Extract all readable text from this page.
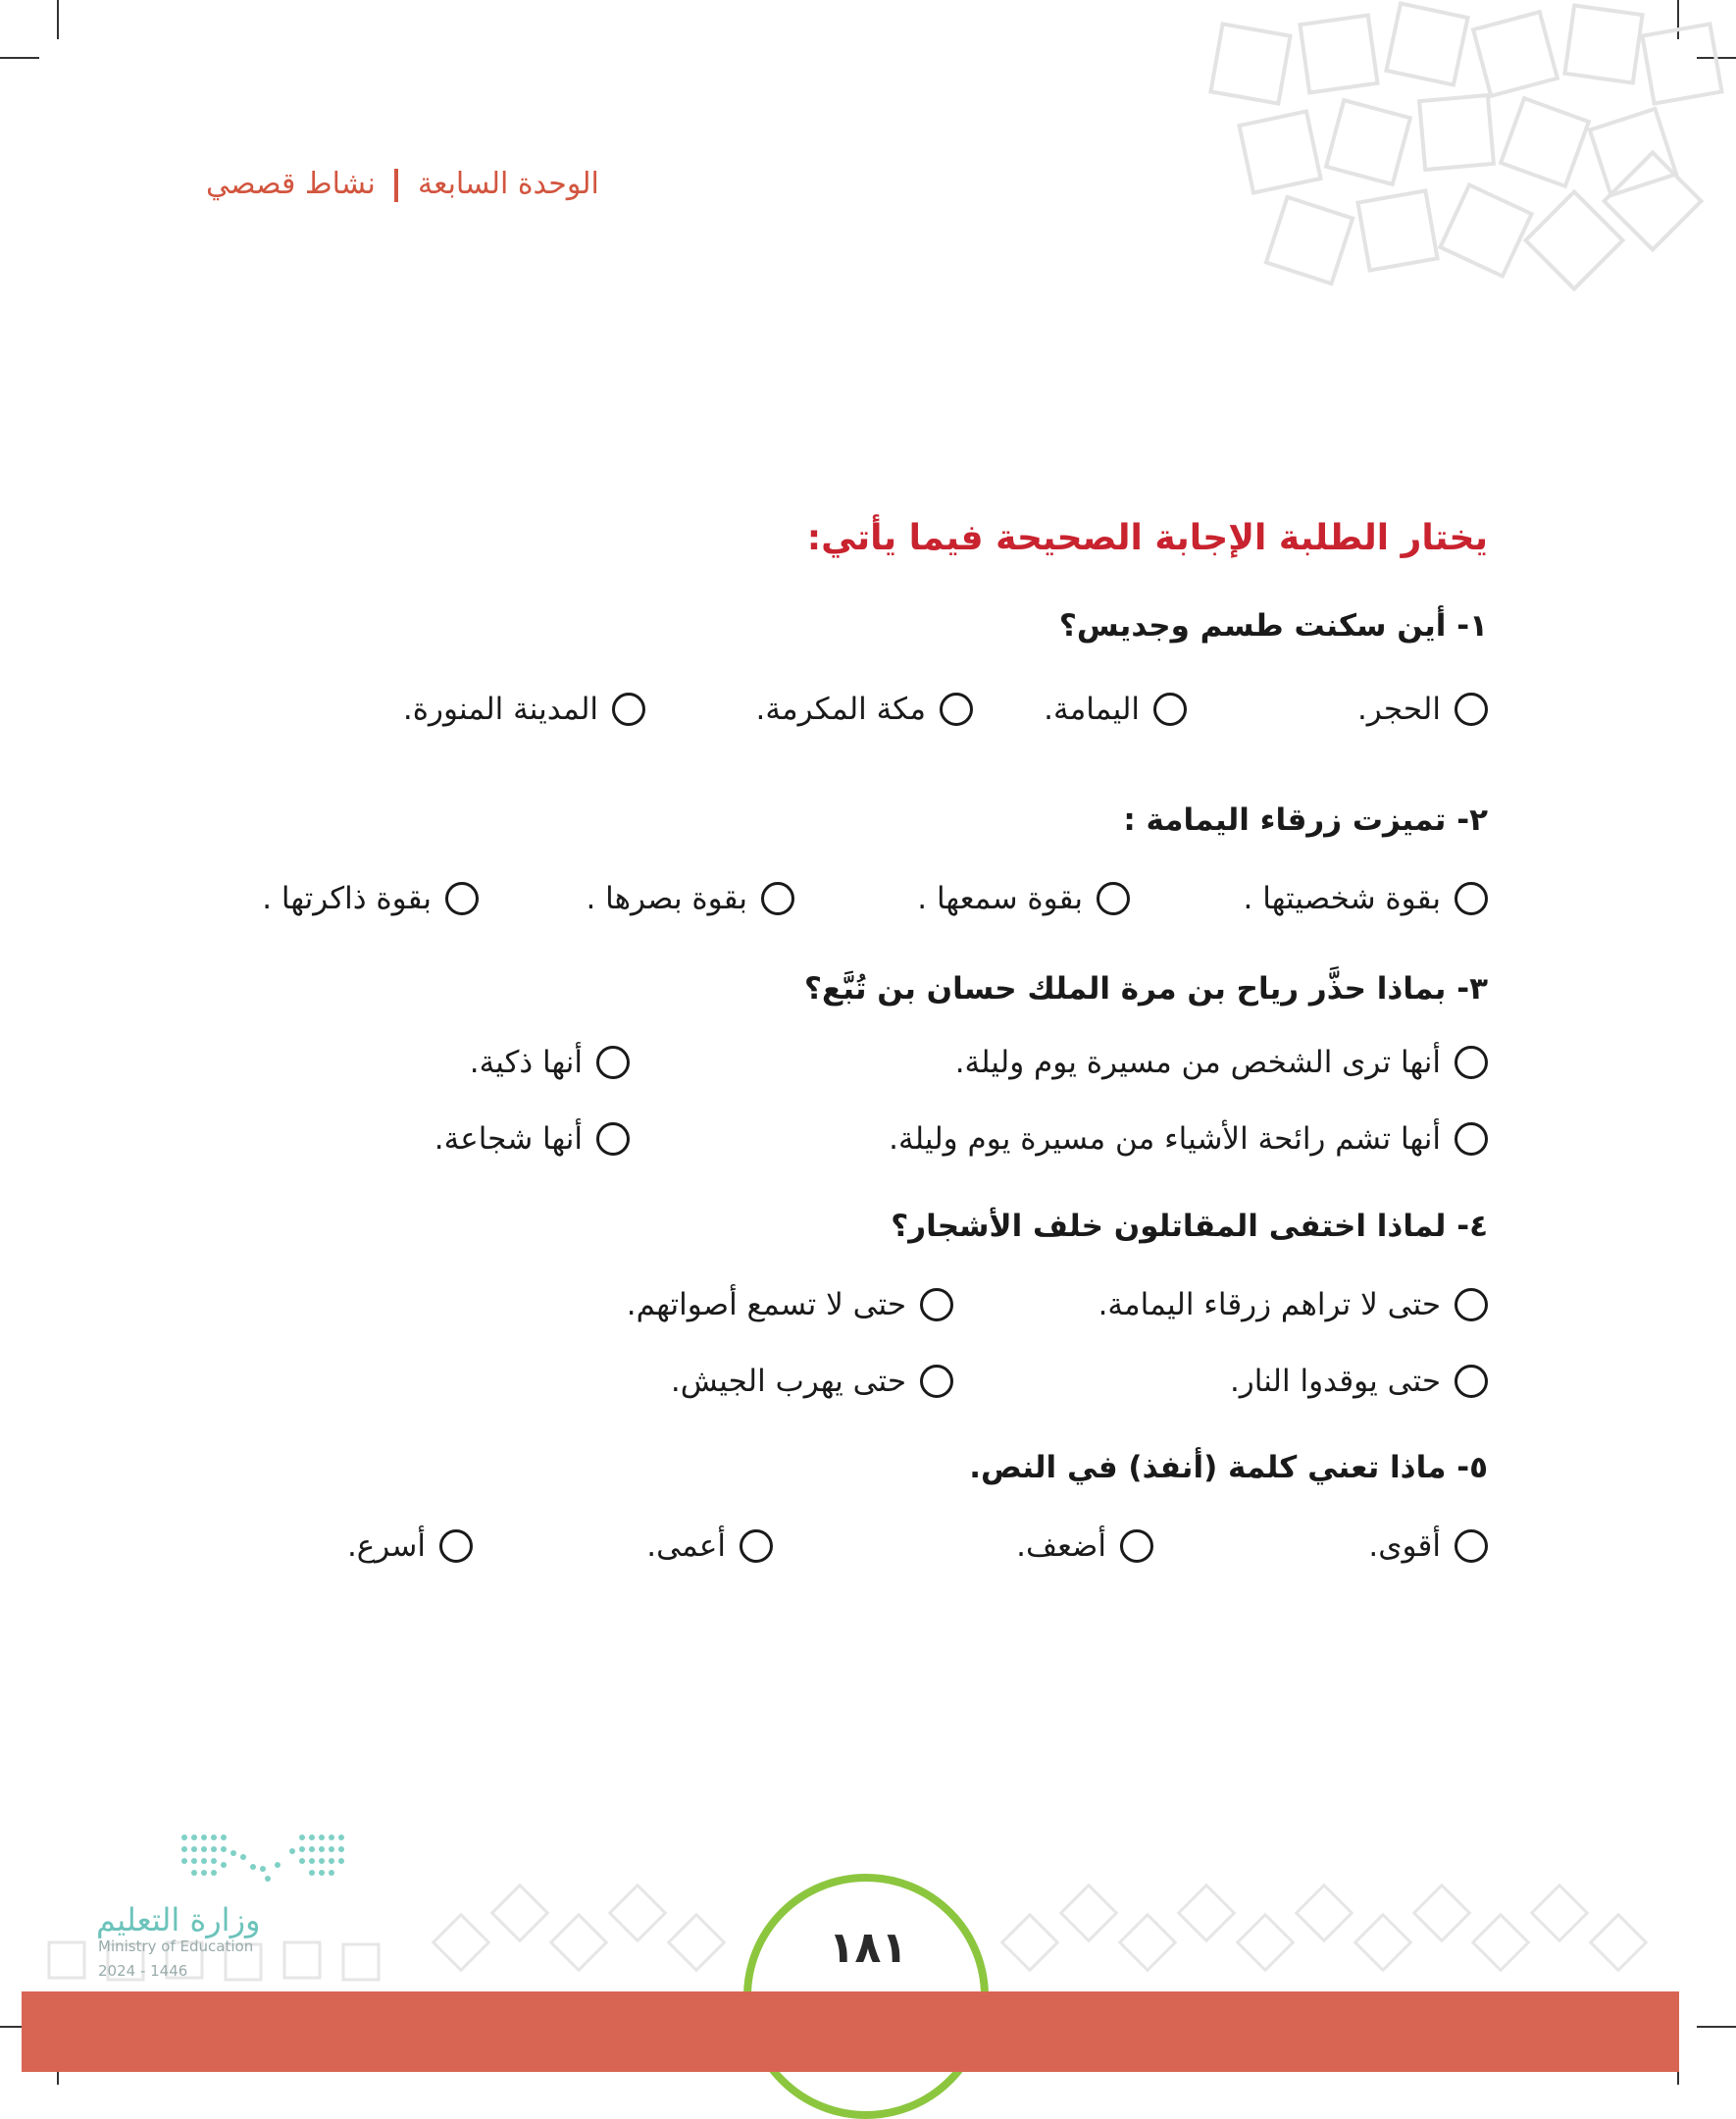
الوحدة السابعة  نشاط قصصي
يختار الطلبة الإجابة الصحيحة فيما يأتي:
١- أين سكنت طسم وجديس؟
الحجر.
اليمامة.
مكة المكرمة.
المدينة المنورة.
٢- تميزت زرقاء اليمامة :
بقوة شخصيتها .
بقوة سمعها .
بقوة بصرها .
بقوة ذاكرتها .
٣- بماذا حذَّر رياح بن مرة الملك حسان بن تُبَّع؟
أنها ترى الشخص من مسيرة يوم وليلة.
أنها ذكية.
أنها تشم رائحة الأشياء من مسيرة يوم وليلة.
أنها شجاعة.
٤- لماذا اختفى المقاتلون خلف الأشجار؟
حتى لا تراهم زرقاء اليمامة.
حتى لا تسمع أصواتهم.
حتى يوقدوا النار.
حتى يهرب الجيش.
٥- ماذا تعني كلمة (أنفذ) في النص.
أقوى.
أضعف.
أعمى.
أسرع.
١٨١
وزارة التعليم
Ministry of Education
2024 - 1446
